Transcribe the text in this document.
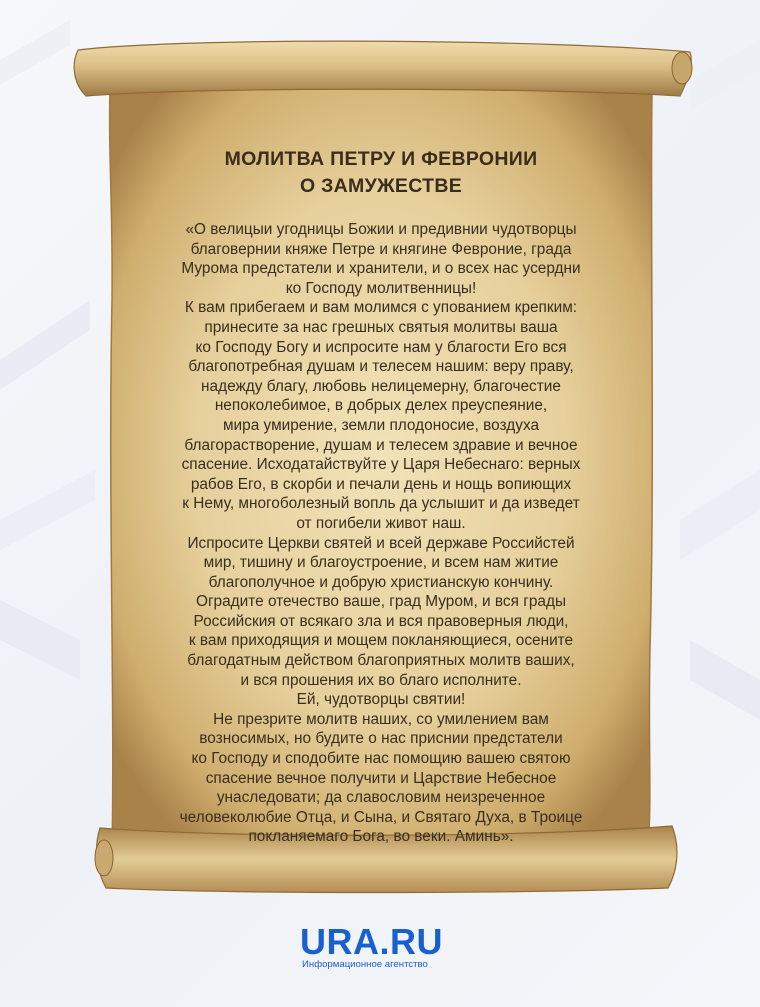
МОЛИТВА ПЕТРУ И ФЕВРОНИИ
О ЗАМУЖЕСТВЕ
«О велицыи угодницы Божии и предивнии чудотворцы
благовернии княже Петре и княгине Февроние, града
Мурома предстатели и хранители, и о всех нас усердни
ко Господу молитвенницы!
К вам прибегаем и вам молимся с упованием крепким:
принесите за нас грешных святыя молитвы ваша
ко Господу Богу и испросите нам у благости Его вся
благопотребная душам и телесем нашим: веру праву,
надежду благу, любовь нелицемерну, благочестие
непоколебимое, в добрых делех преуспеяние,
мира умирение, земли плодоносие, воздуха
благорастворение, душам и телесем здравие и вечное
спасение. Исходатайствуйте у Царя Небеснаго: верных
рабов Его, в скорби и печали день и нощь вопиющих
к Нему, многоболезный вопль да услышит и да изведет
от погибели живот наш.
Испросите Церкви святей и всей державе Российстей
мир, тишину и благоустроение, и всем нам житие
благополучное и добрую христианскую кончину.
Оградите отечество ваше, град Муром, и вся грады
Российския от всякаго зла и вся правоверныя люди,
к вам приходящия и мощем покланяющиеся, осените
благодатным действом благоприятных молитв ваших,
и вся прошения их во благо исполните.
Ей, чудотворцы святии!
Не презрите молитв наших, со умилением вам
возносимых, но будите о нас приснии предстатели
ко Господу и сподобите нас помощию вашею святою
спасение вечное получити и Царствие Небесное
унаследовати; да славословим неизреченное
человеколюбие Отца, и Сына, и Святаго Духа, в Троице
покланяемаго Бога, во веки. Аминь».
URA.RU
Информационное агентство
